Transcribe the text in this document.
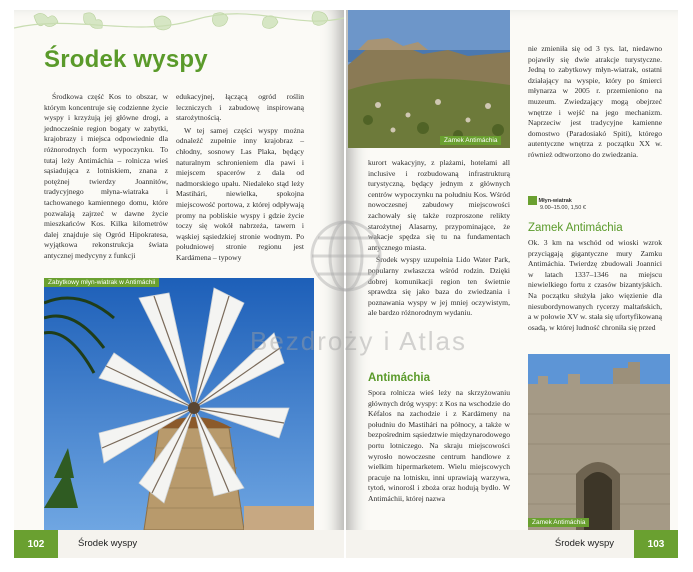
Środek wyspy

Środkowa część Kos to obszar, w którym koncentruje się codzienne życie wyspy i krzyżują jej główne drogi, a jednocześnie region bogaty w zabytki, krajobrazy i miejsca odpowiednie dla różnorodnych form wypoczynku. To tutaj leży Antimáchia – rolnicza wieś sąsiadująca z lotniskiem, znana z potężnej twierdzy Joannitów, tradycyjnego młyna-wiatraka i tachowanego kamiennego domu, które pozwalają zajrzeć w dawne życie mieszkańców Kos. Kilka kilometrów dalej znajduje się Ogród Hipokratesa, wyjątkowa rekonstrukcja świata antycznej medycyny z funkcji

edukacyjnej, łączącą ogród roślin leczniczych i zabudowę inspirowaną starożytnością.

W tej samej części wyspy można odnaleźć zupełnie inny krajobraz – chłodny, sosnowy Las Plaka, będący naturalnym schronieniem dla pawi i miejscem spacerów z dala od nadmorskiego upału. Niedaleko stąd leży Mastihári, niewielka, spokojna miejscowość portowa, z której odpływają promy na pobliskie wyspy i gdzie życie toczy się wokół nabrzeża, tawern i wąskiej sąsiedzkiej stronie wodnym. Po południowej stronie regionu jest Kardámena – typowy

Zabytkowy młyn-wiatrak w Antimáchii
102	Środek wyspy
Zamek Antimáchia

kurort wakacyjny, z plażami, hotelami all inclusive i rozbudowaną infrastrukturą turystyczną, będący jednym z głównych centrów wypoczynku na południu Kos. Wśród nowoczesnej zabudowy miejscowości zachowały się także rozproszone relikty starożytnej Alasarny, przypominające, że wakacje spędza się tu na fundamentach antycznego miasta.

Środek wyspy uzupełnia Lido Water Park, popularny zwłaszcza wśród rodzin. Dzięki dobrej komunikacji region ten świetnie sprawdza się jako baza do zwiedzania i poznawania wyspy w jej mniej oczywistym, ale bardzo różnorodnym wydaniu.

Antimáchia

Spora rolnicza wieś leży na skrzyżowaniu głównych dróg wyspy: z Kos na wschodzie do Kéfalos na zachodzie i z Kardámeny na południu do Mastihári na północy, a także w bezpośrednim sąsiedztwie międzynarodowego portu lotniczego. Na skraju miejscowości wyrosło nowoczesne centrum handlowe z wielkim hipermarketem. Wielu miejscowych pracuje na lotnisku, inni uprawiają warzywa, tytoń, winorośl i zboża oraz hodują bydło. W Antimáchii, której nazwa

nie zmieniła się od 3 tys. lat, niedawno pojawiły się dwie atrakcje turystyczne. Jedną to zabytkowy młyn-wiatrak, ostatni działający na wyspie, który po śmierci młynarza w 2005 r. przemieniono na muzeum. Zwiedzający mogą obejrzeć wnętrze i wejść na jego mechanizm. Naprzeciw jest tradycyjne kamienne domostwo (Paradosiakó Spiti), którego autentyczne wnętrza z początku XX w. również odtworzono do zwiedzania.

Młyn-wiatrak
9.00–15.00, 1,50 €
Zamek Antimáchia

Ok. 3 km na wschód od wioski wzrok przyciągają gigantyczne mury Zamku Antimáchia. Twierdzę zbudowali Joannici w latach 1337–1346 na miejscu niewielkiego fortu z czasów bizantyjskich. Na początku służyła jako więzienie dla niesubordynowanych rycerzy maltańskich, a w połowie XV w. stała się ufortyfikowaną osadą, w której ludność chroniła się przed

Zamek Antimáchia
Środek wyspy	103
Bezdroży i Atlas
